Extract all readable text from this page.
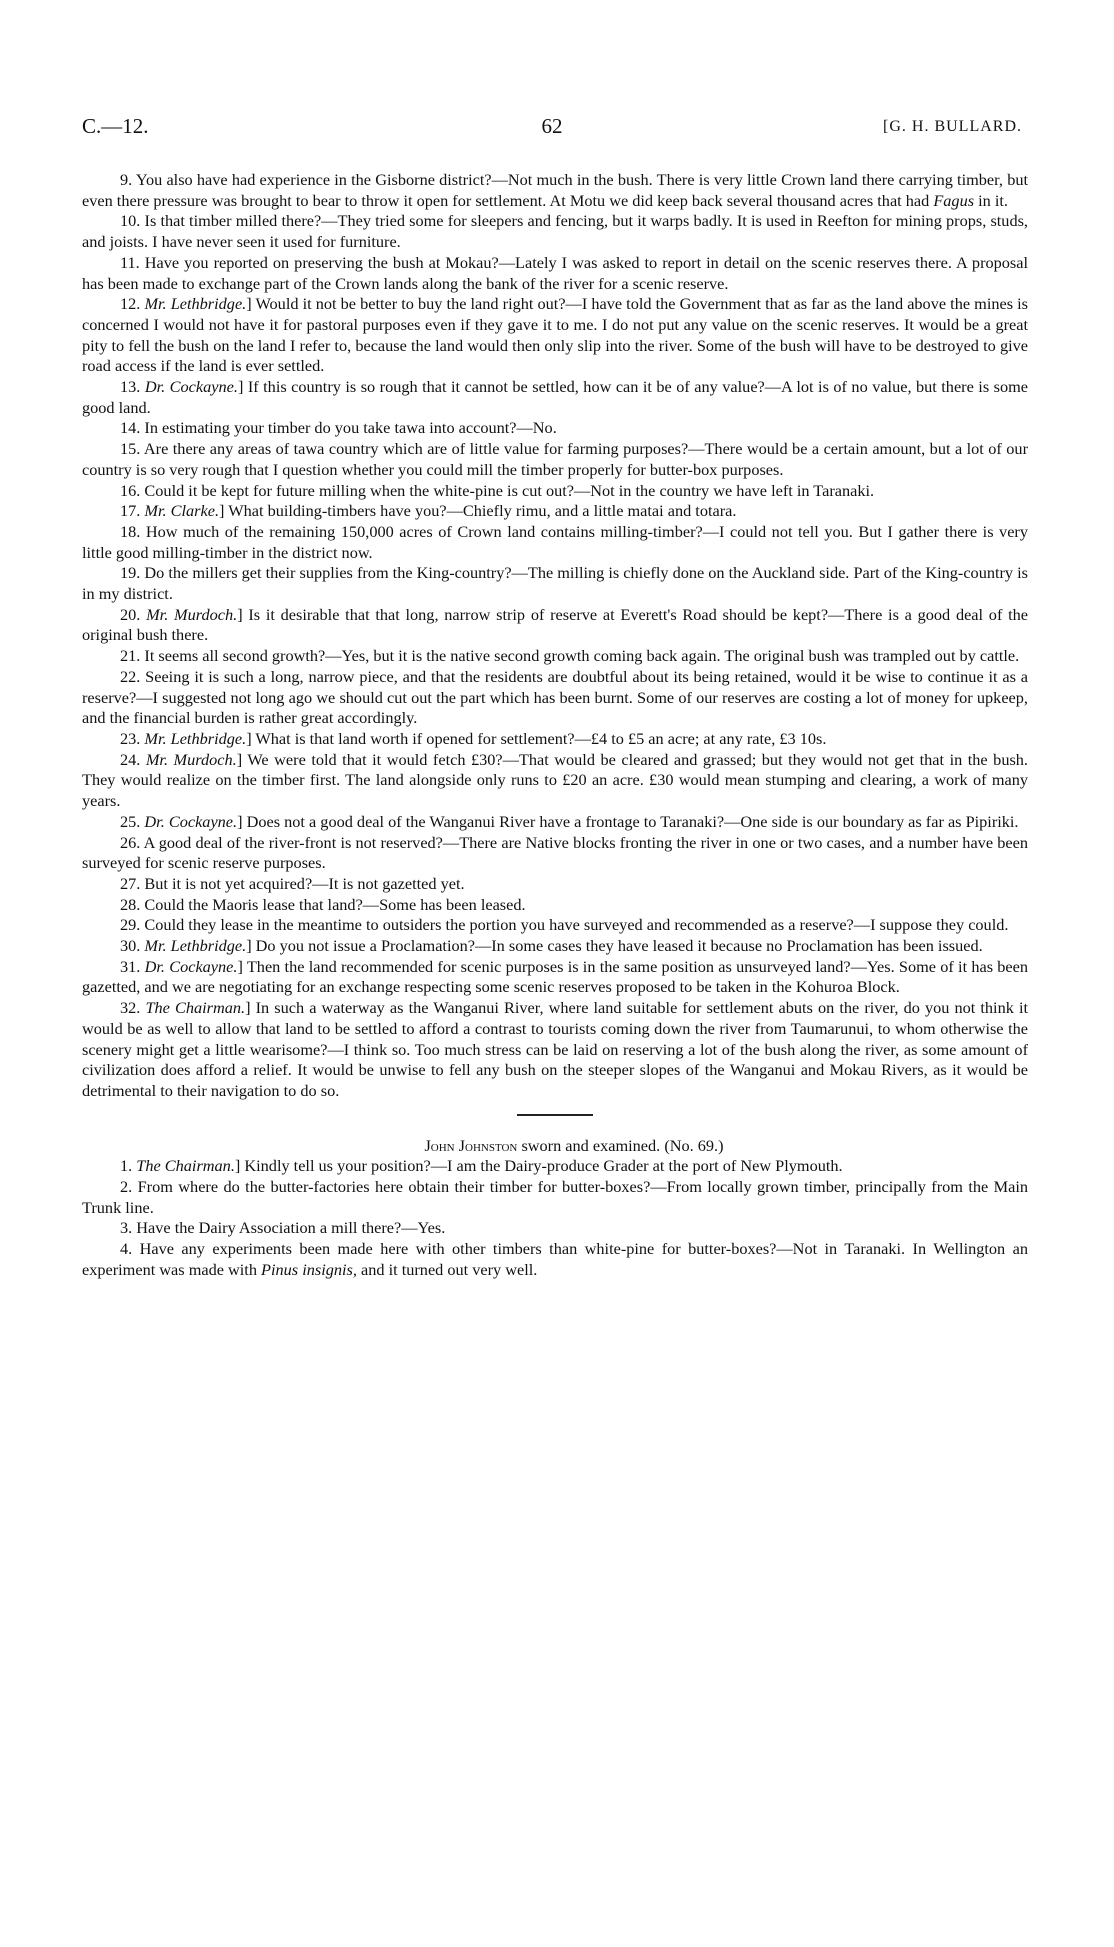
C.—12.	62	[G. H. BULLARD.

9. You also have had experience in the Gisborne district?—Not much in the bush. There is very little Crown land there carrying timber, but even there pressure was brought to bear to throw it open for settlement. At Motu we did keep back several thousand acres that had Fagus in it.

10. Is that timber milled there?—They tried some for sleepers and fencing, but it warps badly. It is used in Reefton for mining props, studs, and joists. I have never seen it used for furniture.

11. Have you reported on preserving the bush at Mokau?—Lately I was asked to report in detail on the scenic reserves there. A proposal has been made to exchange part of the Crown lands along the bank of the river for a scenic reserve.

12. Mr. Lethbridge.] Would it not be better to buy the land right out?—I have told the Government that as far as the land above the mines is concerned I would not have it for pastoral purposes even if they gave it to me. I do not put any value on the scenic reserves. It would be a great pity to fell the bush on the land I refer to, because the land would then only slip into the river. Some of the bush will have to be destroyed to give road access if the land is ever settled.

13. Dr. Cockayne.] If this country is so rough that it cannot be settled, how can it be of any value?—A lot is of no value, but there is some good land.

14. In estimating your timber do you take tawa into account?—No.

15. Are there any areas of tawa country which are of little value for farming purposes?—There would be a certain amount, but a lot of our country is so very rough that I question whether you could mill the timber properly for butter-box purposes.

16. Could it be kept for future milling when the white-pine is cut out?—Not in the country we have left in Taranaki.

17. Mr. Clarke.] What building-timbers have you?—Chiefly rimu, and a little matai and totara.

18. How much of the remaining 150,000 acres of Crown land contains milling-timber?—I could not tell you. But I gather there is very little good milling-timber in the district now.

19. Do the millers get their supplies from the King-country?—The milling is chiefly done on the Auckland side. Part of the King-country is in my district.

20. Mr. Murdoch.] Is it desirable that that long, narrow strip of reserve at Everett's Road should be kept?—There is a good deal of the original bush there.

21. It seems all second growth?—Yes, but it is the native second growth coming back again. The original bush was trampled out by cattle.

22. Seeing it is such a long, narrow piece, and that the residents are doubtful about its being retained, would it be wise to continue it as a reserve?—I suggested not long ago we should cut out the part which has been burnt. Some of our reserves are costing a lot of money for upkeep, and the financial burden is rather great accordingly.

23. Mr. Lethbridge.] What is that land worth if opened for settlement?—£4 to £5 an acre; at any rate, £3 10s.

24. Mr. Murdoch.] We were told that it would fetch £30?—That would be cleared and grassed; but they would not get that in the bush. They would realize on the timber first. The land alongside only runs to £20 an acre. £30 would mean stumping and clearing, a work of many years.

25. Dr. Cockayne.] Does not a good deal of the Wanganui River have a frontage to Taranaki?—One side is our boundary as far as Pipiriki.

26. A good deal of the river-front is not reserved?—There are Native blocks fronting the river in one or two cases, and a number have been surveyed for scenic reserve purposes.

27. But it is not yet acquired?—It is not gazetted yet.

28. Could the Maoris lease that land?—Some has been leased.

29. Could they lease in the meantime to outsiders the portion you have surveyed and recommended as a reserve?—I suppose they could.

30. Mr. Lethbridge.] Do you not issue a Proclamation?—In some cases they have leased it because no Proclamation has been issued.

31. Dr. Cockayne.] Then the land recommended for scenic purposes is in the same position as unsurveyed land?—Yes. Some of it has been gazetted, and we are negotiating for an exchange respecting some scenic reserves proposed to be taken in the Kohuroa Block.

32. The Chairman.] In such a waterway as the Wanganui River, where land suitable for settlement abuts on the river, do you not think it would be as well to allow that land to be settled to afford a contrast to tourists coming down the river from Taumarunui, to whom otherwise the scenery might get a little wearisome?—I think so. Too much stress can be laid on reserving a lot of the bush along the river, as some amount of civilization does afford a relief. It would be unwise to fell any bush on the steeper slopes of the Wanganui and Mokau Rivers, as it would be detrimental to their navigation to do so.

John Johnston sworn and examined. (No. 69.)

1. The Chairman.] Kindly tell us your position?—I am the Dairy-produce Grader at the port of New Plymouth.

2. From where do the butter-factories here obtain their timber for butter-boxes?—From locally grown timber, principally from the Main Trunk line.

3. Have the Dairy Association a mill there?—Yes.

4. Have any experiments been made here with other timbers than white-pine for butter-boxes?—Not in Taranaki. In Wellington an experiment was made with Pinus insignis, and it turned out very well.
